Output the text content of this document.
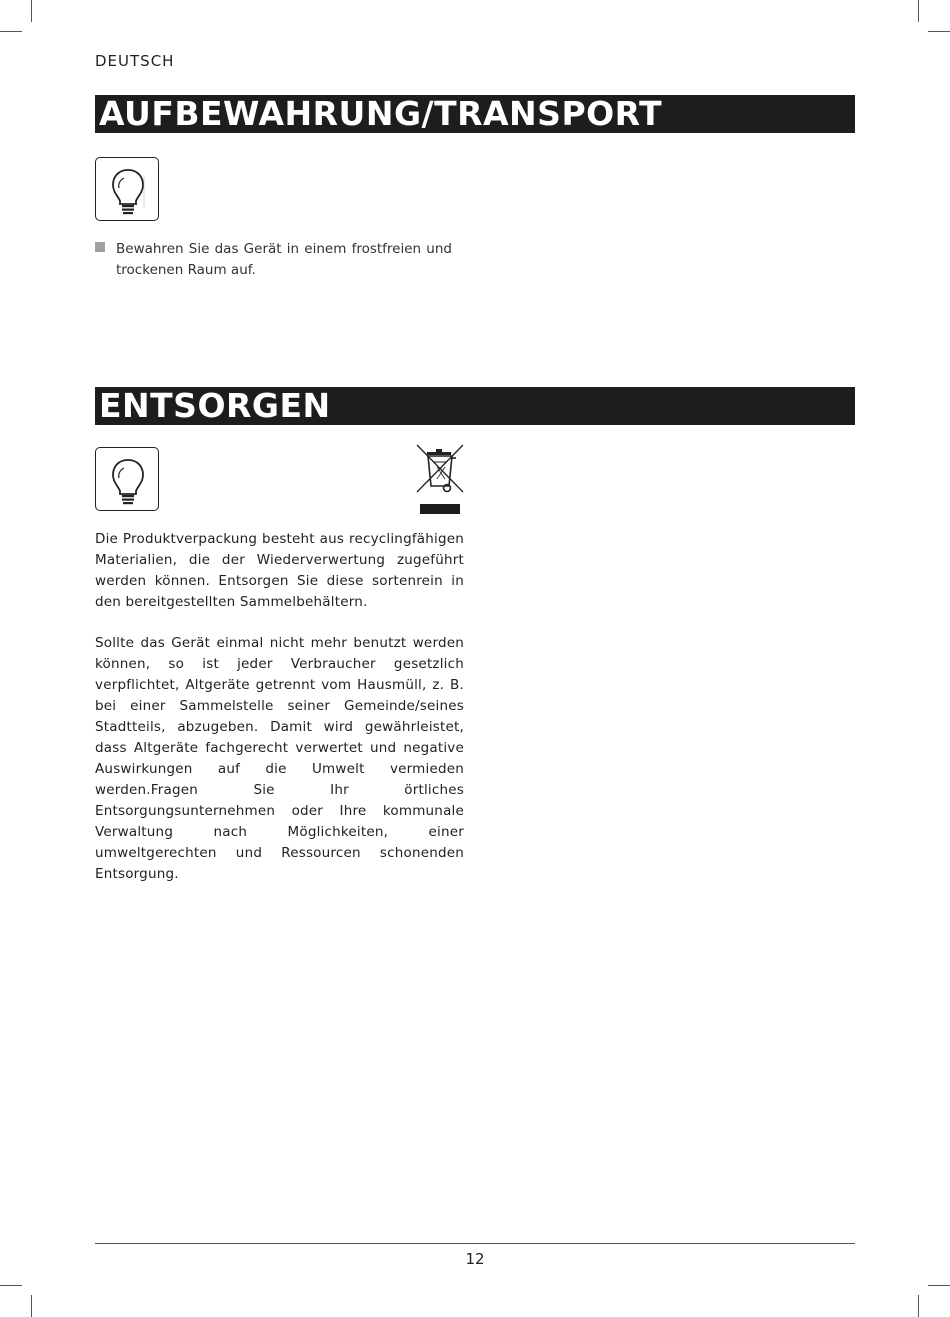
DEUTSCH
AUFBEWAHRUNG/TRANSPORT
Bewahren Sie das Gerät in einem frostfreien und trockenen Raum auf.
ENTSORGEN
Die Produktverpackung besteht aus recyclingfähigen Materialien, die der Wiederverwertung zugeführt werden können. Entsorgen Sie diese sortenrein in den bereitgestellten Sammelbehältern.
Sollte das Gerät einmal nicht mehr benutzt werden können, so ist jeder Verbraucher gesetzlich verpflichtet, Altgeräte getrennt vom Hausmüll, z. B. bei einer Sammelstelle seiner Gemeinde/seines Stadtteils, abzugeben. Damit wird gewährleistet, dass Altgeräte fachgerecht verwertet und negative Auswirkungen auf die Umwelt vermieden werden.Fragen Sie Ihr örtliches Entsorgungsunternehmen oder Ihre kommunale Verwaltung nach Möglichkeiten, einer umweltgerechten und Ressourcen schonenden Entsorgung.
12
